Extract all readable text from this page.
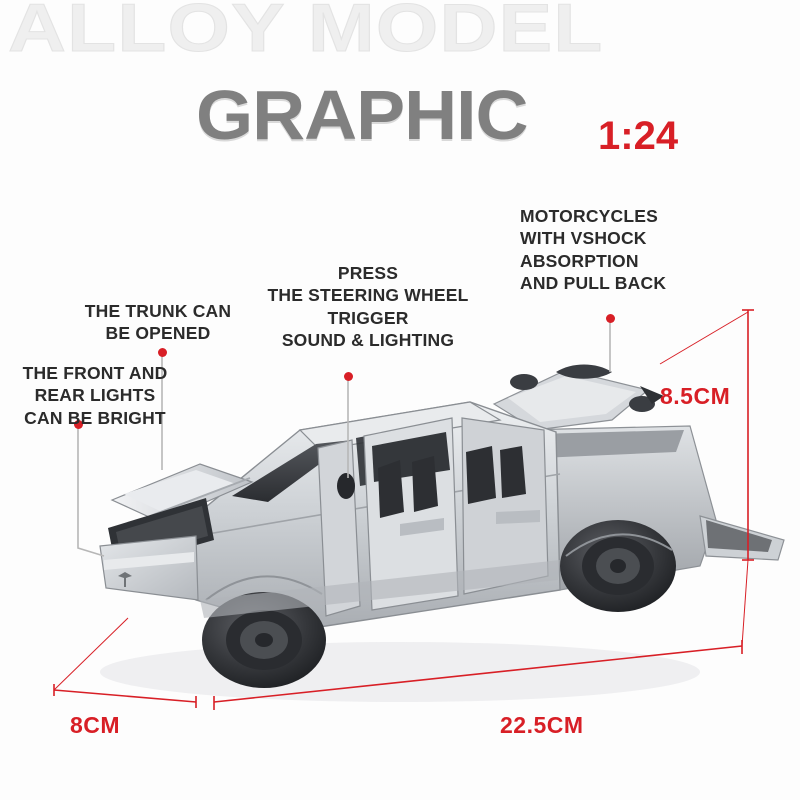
ALLOY MODEL
GRAPHIC 1:24
8.5CM
8CM	22.5CM
THE TRUNK CAN
BE OPENED
PRESS
THE STEERING WHEEL
TRIGGER
SOUND & LIGHTING
MOTORCYCLES
WITH VSHOCK
ABSORPTION
AND PULL BACK
THE FRONT AND
REAR LIGHTS
CAN BE BRIGHT
